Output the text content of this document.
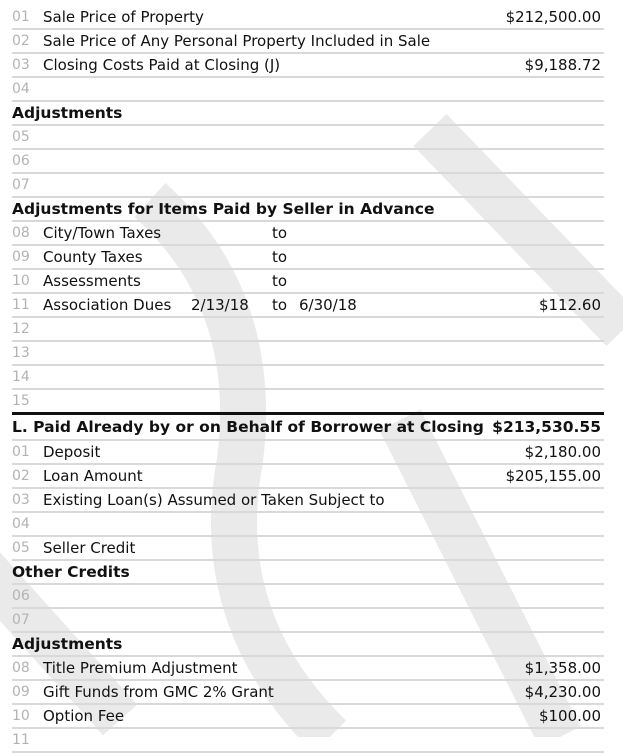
01 Sale Price of Property	$212,500.00
02 Sale Price of Any Personal Property Included in Sale
03 Closing Costs Paid at Closing (J)	$9,188.72
04
Adjustments
05
06
07
Adjustments for Items Paid by Seller in Advance
08 City/Town Taxes	to
09 County Taxes	to
10 Assessments	to
11 Association Dues 2/13/18 to 6/30/18	$112.60
12
13
14
15
L. Paid Already by or on Behalf of Borrower at Closing $213,530.55
01 Deposit	$2,180.00
02 Loan Amount	$205,155.00
03 Existing Loan(s) Assumed or Taken Subject to
04
05 Seller Credit
Other Credits
06
07
Adjustments
08 Title Premium Adjustment	$1,358.00
09 Gift Funds from GMC 2% Grant	$4,230.00
10 Option Fee	$100.00
11
